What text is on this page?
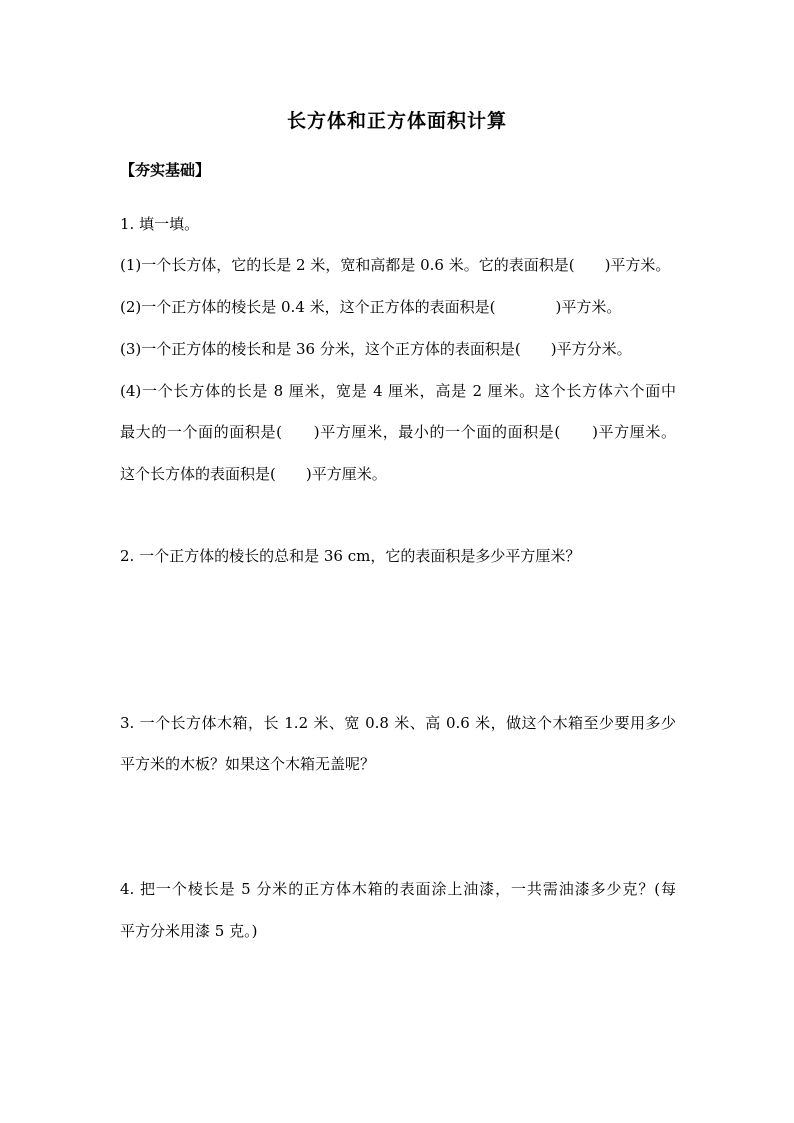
长方体和正方体面积计算
【夯实基础】
1. 填一填。
(1)一个长方体，它的长是 2 米，宽和高都是 0.6 米。它的表面积是(　　)平方米。
(2)一个正方体的棱长是 0.4 米，这个正方体的表面积是(　　　　)平方米。
(3)一个正方体的棱长和是 36 分米，这个正方体的表面积是(　　)平方分米。
(4)一个长方体的长是 8 厘米，宽是 4 厘米，高是 2 厘米。这个长方体六个面中
最大的一个面的面积是(　　)平方厘米，最小的一个面的面积是(　　)平方厘米。
这个长方体的表面积是(　　)平方厘米。
2. 一个正方体的棱长的总和是 36 cm，它的表面积是多少平方厘米？
3. 一个长方体木箱，长 1.2 米、宽 0.8 米、高 0.6 米，做这个木箱至少要用多少
平方米的木板？如果这个木箱无盖呢？
4. 把一个棱长是 5 分米的正方体木箱的表面涂上油漆，一共需油漆多少克？(每
平方分米用漆 5 克。)
